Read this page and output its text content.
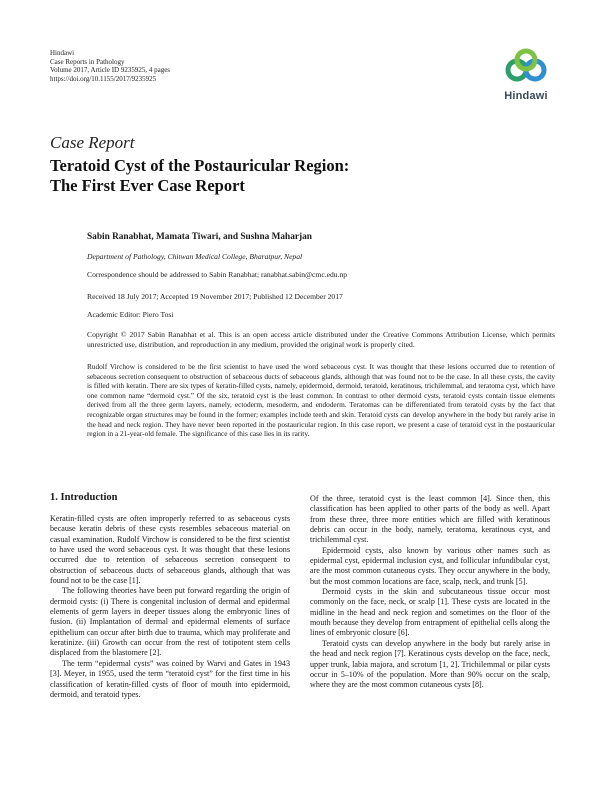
Hindawi
Case Reports in Pathology
Volume 2017, Article ID 9235925, 4 pages
https://doi.org/10.1155/2017/9235925
Hindawi
Case Report
Teratoid Cyst of the Postauricular Region:
The First Ever Case Report
Sabin Ranabhat, Mamata Tiwari, and Sushna Maharjan
Department of Pathology, Chitwan Medical College, Bharatpur, Nepal
Correspondence should be addressed to Sabin Ranabhat; ranabhat.sabin@cmc.edu.np
Received 18 July 2017; Accepted 19 November 2017; Published 12 December 2017
Academic Editor: Piero Tosi
Copyright © 2017 Sabin Ranabhat et al. This is an open access article distributed under the Creative Commons Attribution License, which permits unrestricted use, distribution, and reproduction in any medium, provided the original work is properly cited.

Rudolf Virchow is considered to be the first scientist to have used the word sebaceous cyst. It was thought that these lesions occurred due to retention of sebaceous secretion consequent to obstruction of sebaceous ducts of sebaceous glands, although that was found not to be the case. In all these cysts, the cavity is filled with keratin. There are six types of keratin-filled cysts, namely, epidermoid, dermoid, teratoid, keratinous, trichilemmal, and teratoma cyst, which have one common name “dermoid cyst.” Of the six, teratoid cyst is the least common. In contrast to other dermoid cysts, teratoid cysts contain tissue elements derived from all the three germ layers, namely, ectoderm, mesoderm, and endoderm. Teratomas can be differentiated from teratoid cysts by the fact that recognizable organ structures may be found in the former; examples include teeth and skin. Teratoid cysts can develop anywhere in the body but rarely arise in the head and neck region. They have never been reported in the postauricular region. In this case report, we present a case of teratoid cyst in the postauricular region in a 21-year-old female. The significance of this case lies in its rarity.

1. Introduction

Keratin-filled cysts are often improperly referred to as sebaceous cysts because keratin debris of these cysts resembles sebaceous material on casual examination. Rudolf Virchow is considered to be the first scientist to have used the word sebaceous cyst. It was thought that these lesions occurred due to retention of sebaceous secretion consequent to obstruction of sebaceous ducts of sebaceous glands, although that was found not to be the case [1].

The following theories have been put forward regarding the origin of dermoid cysts: (i) There is congenital inclusion of dermal and epidermal elements of germ layers in deeper tissues along the embryonic lines of fusion. (ii) Implantation of dermal and epidermal elements of surface epithelium can occur after birth due to trauma, which may proliferate and keratinize. (iii) Growth can occur from the rest of totipotent stem cells displaced from the blastomere [2].

The term “epidermal cysts” was coined by Warvi and Gates in 1943 [3]. Meyer, in 1955, used the term “teratoid cyst” for the first time in his classification of keratin-filled cysts of floor of mouth into epidermoid, dermoid, and teratoid types.

Of the three, teratoid cyst is the least common [4]. Since then, this classification has been applied to other parts of the body as well. Apart from these three, three more entities which are filled with keratinous debris can occur in the body, namely, teratoma, keratinous cyst, and trichilemmal cyst.

Epidermoid cysts, also known by various other names such as epidermal cyst, epidermal inclusion cyst, and follicular infundibular cyst, are the most common cutaneous cysts. They occur anywhere in the body, but the most common locations are face, scalp, neck, and trunk [5].

Dermoid cysts in the skin and subcutaneous tissue occur most commonly on the face, neck, or scalp [1]. These cysts are located in the midline in the head and neck region and sometimes on the floor of the mouth because they develop from entrapment of epithelial cells along the lines of embryonic closure [6].

Teratoid cysts can develop anywhere in the body but rarely arise in the head and neck region [7]. Keratinous cysts develop on the face, neck, upper trunk, labia majora, and scrotum [1, 2]. Trichilemmal or pilar cysts occur in 5–10% of the population. More than 90% occur on the scalp, where they are the most common cutaneous cysts [8].
